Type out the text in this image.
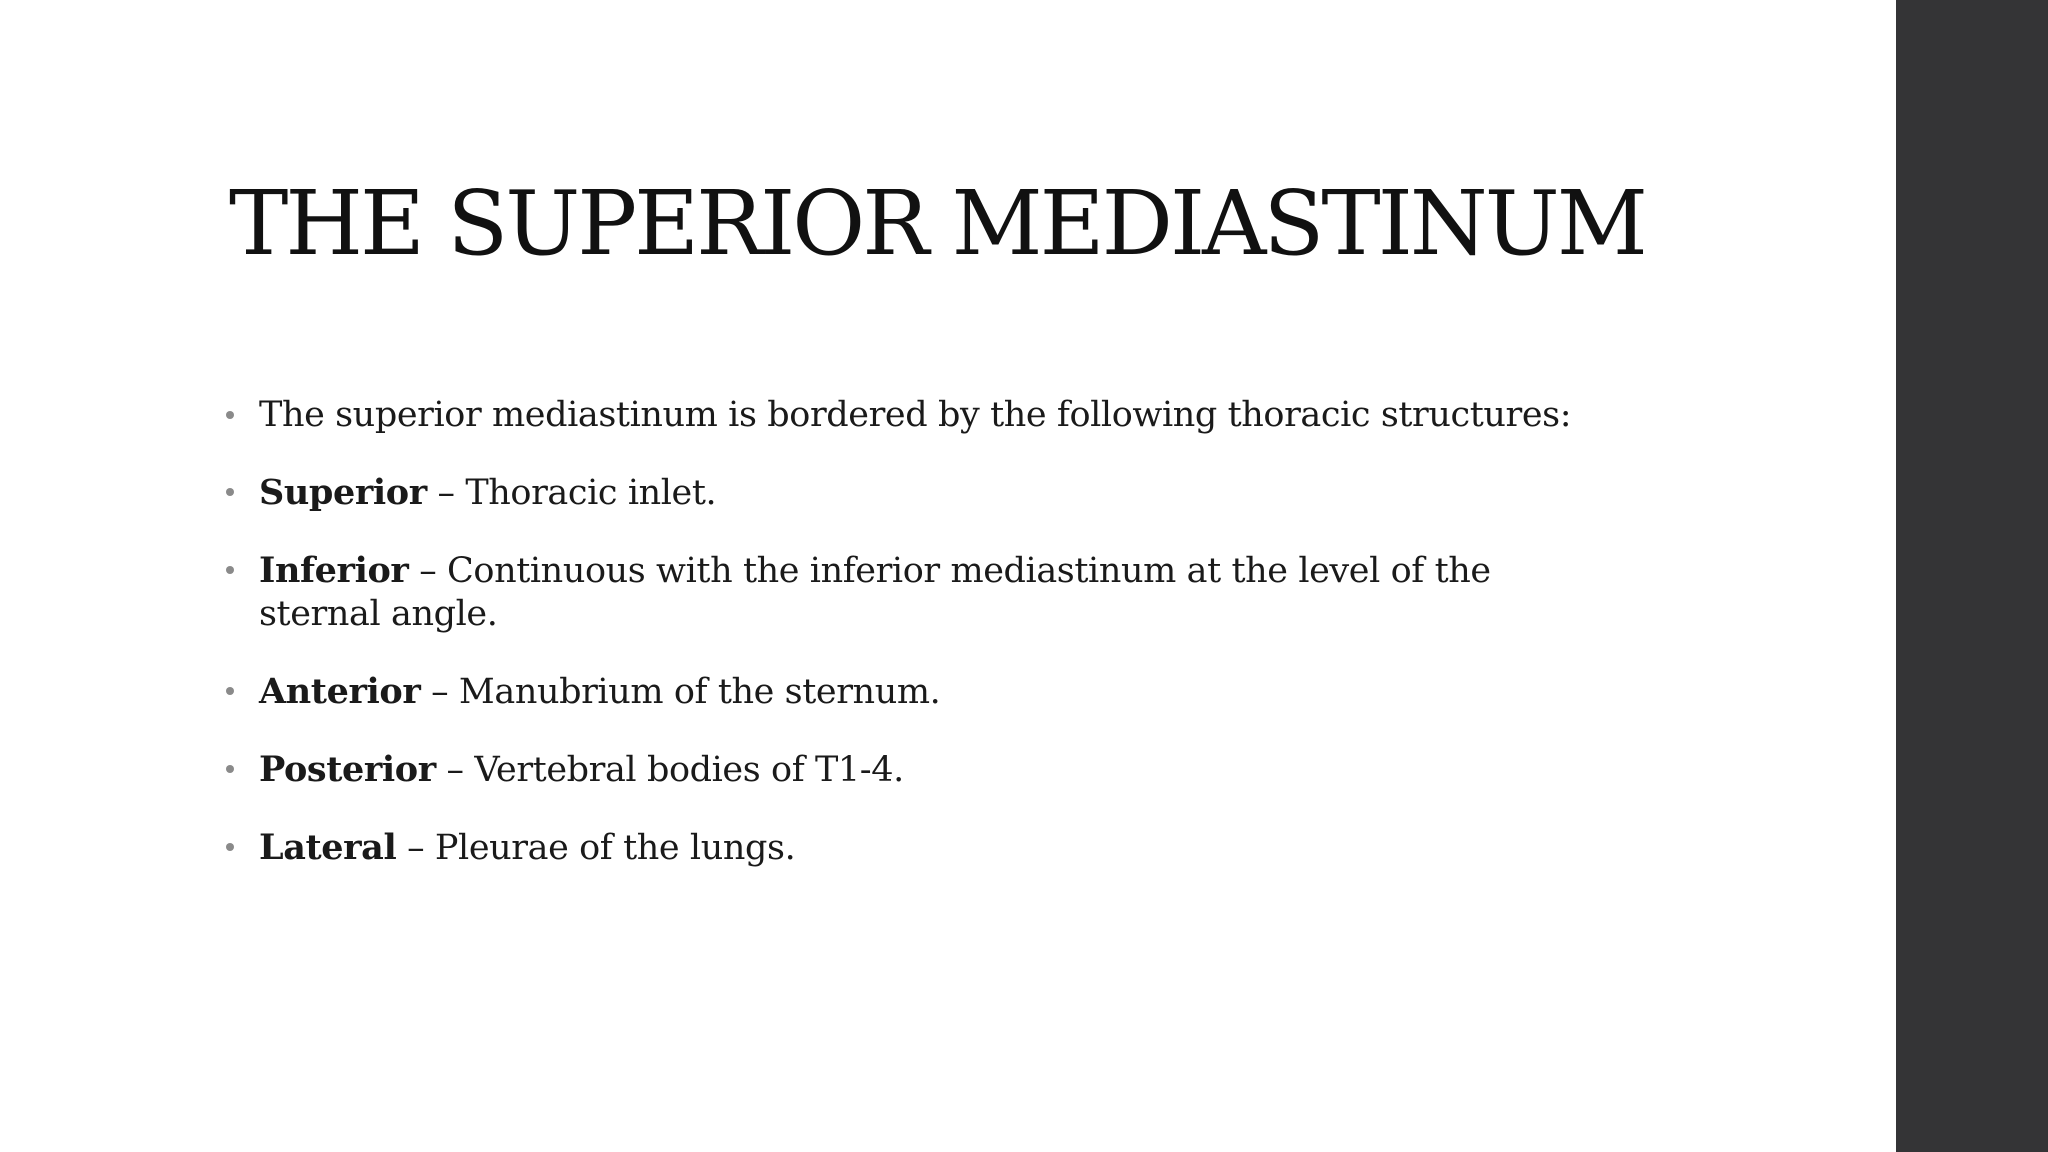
THE SUPERIOR MEDIASTINUM
The superior mediastinum is bordered by the following thoracic structures:
Superior – Thoracic inlet.
Inferior – Continuous with the inferior mediastinum at the level of the sternal angle.
Anterior – Manubrium of the sternum.
Posterior – Vertebral bodies of T1-4.
Lateral – Pleurae of the lungs.
